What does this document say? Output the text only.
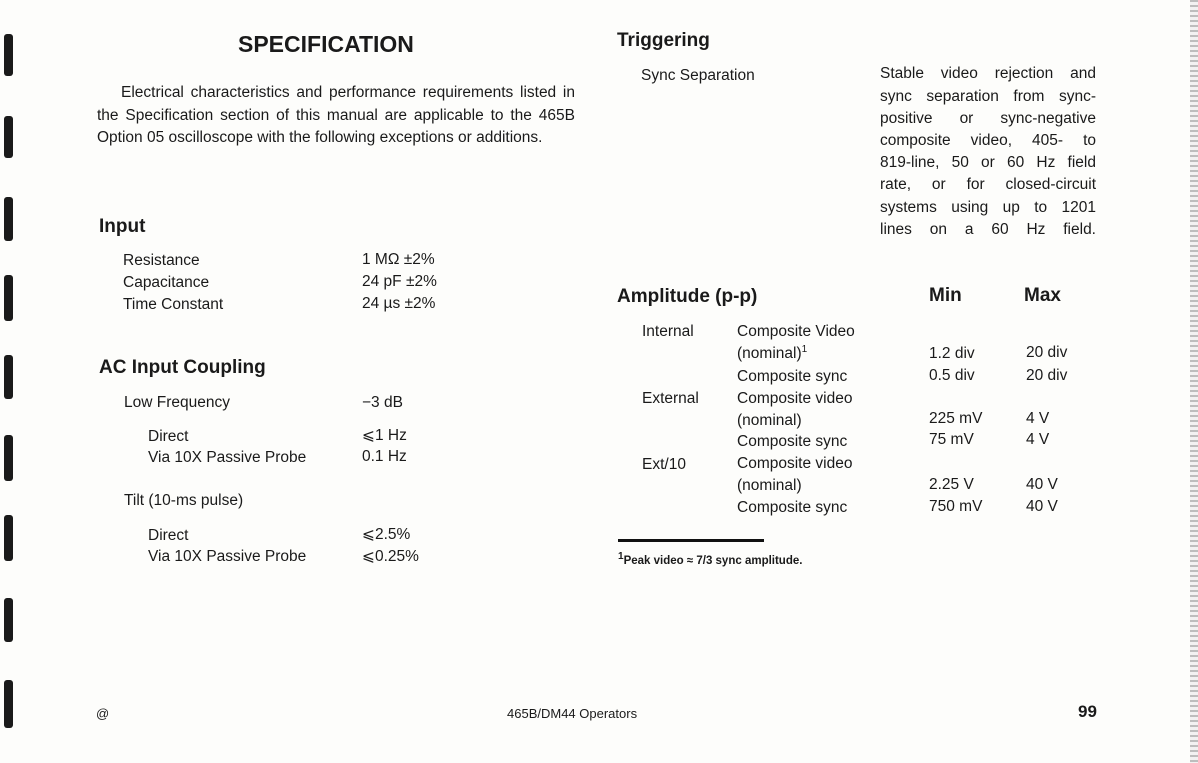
SPECIFICATION
Electrical characteristics and performance requirements listed in the Specification section of this manual are applicable to the 465B Option 05 oscilloscope with the following exceptions or additions.
Input
Resistance	1 MΩ ±2%
Capacitance	24 pF ±2%
Time Constant	24 µs ±2%
AC Input Coupling
Low Frequency	−3 dB
Direct	⩽1 Hz
Via 10X Passive Probe	0.1 Hz
Tilt (10-ms pulse)
Direct	⩽2.5%
Via 10X Passive Probe	⩽0.25%
Triggering
Sync Separation	Stable video rejection and
sync separation from sync-
positive or sync-negative
composite video, 405- to
819-line, 50 or 60 Hz field
rate, or for closed-circuit
systems using up to 1201
lines on a 60 Hz field.
Amplitude (p-p)	Min	Max
Internal	Composite Video
(nominal)$^1$	1.2 div	20 div
Composite sync	0.5 div	20 div
External Composite video
(nominal)	225 mV	4 V
Composite sync	75 mV	4 V
Ext/10	Composite video
(nominal)	2.25 V	40 V
Composite sync	750 mV	40 V
$^1$Peak video ≈ 7/3 sync amplitude.
@	465B/DM44 Operators	99
